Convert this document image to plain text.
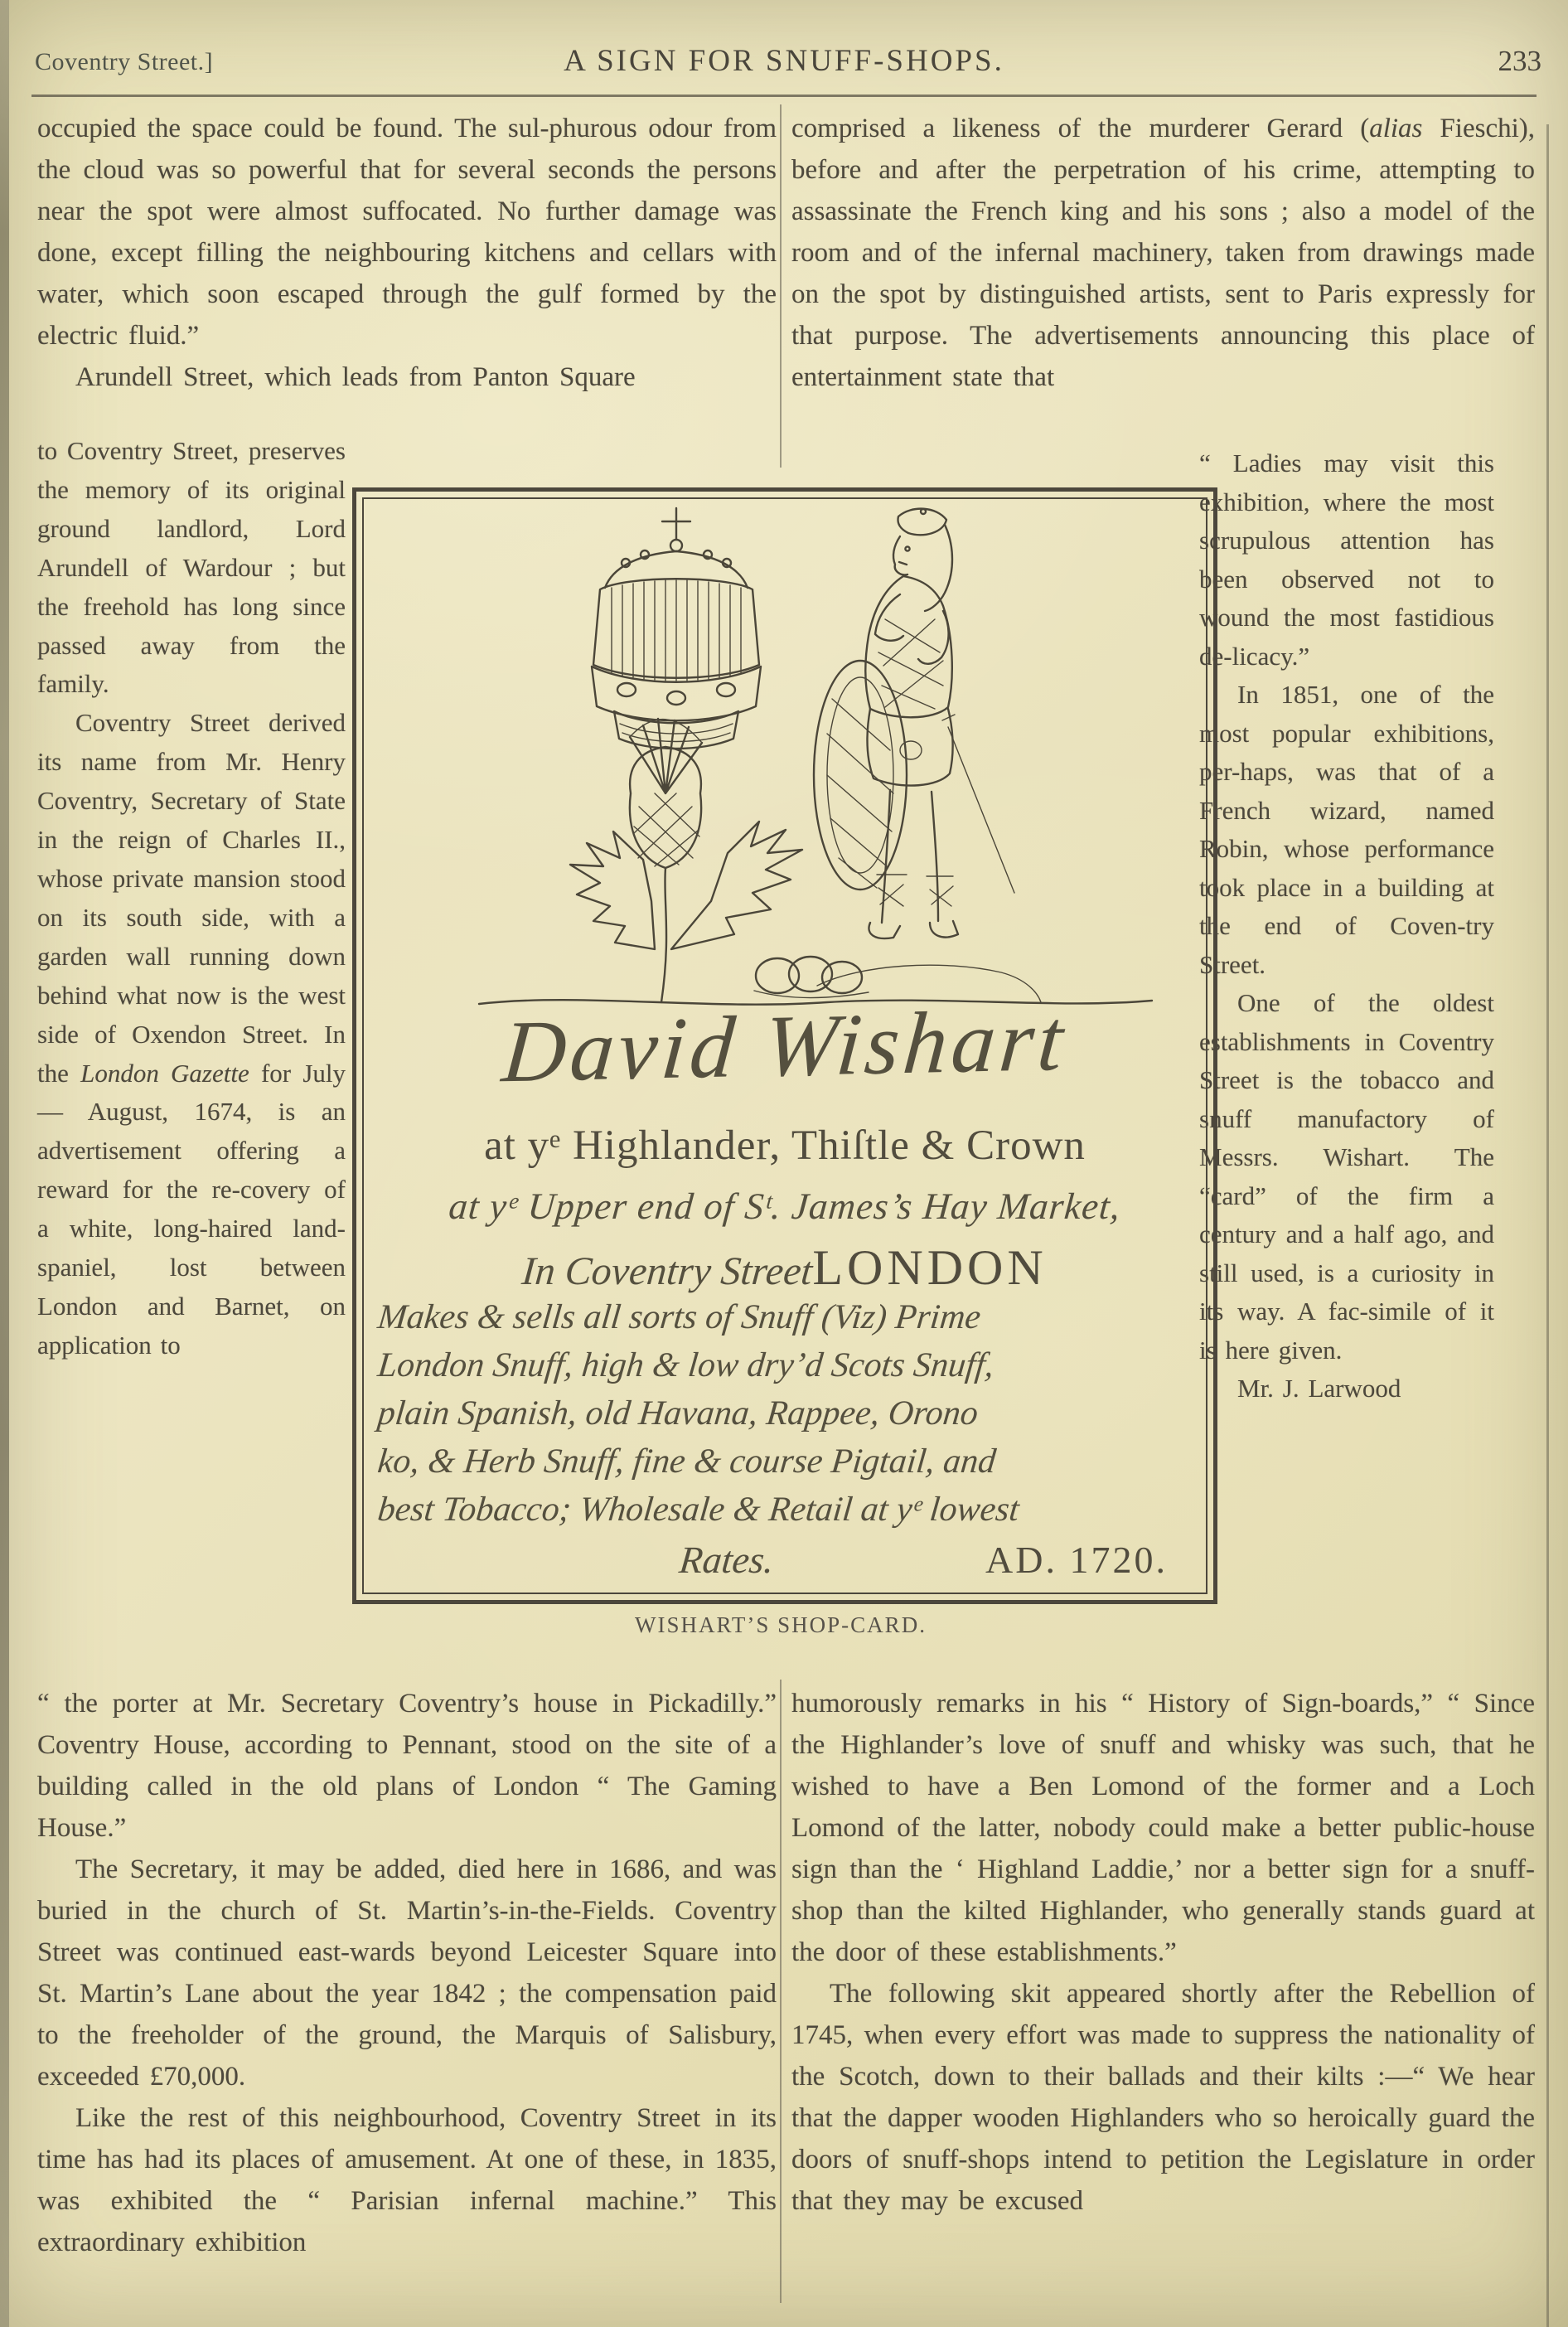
Coventry Street.]	A SIGN FOR SNUFF-SHOPS.	233

occupied the space could be found. The sul-phurous odour from the cloud was so powerful that for several seconds the persons near the spot were almost suffocated. No further damage was done, except filling the neighbouring kitchens and cellars with water, which soon escaped through the gulf formed by the electric fluid.”

Arundell Street, which leads from Panton Square

to Coventry Street, preserves the memory of its original ground landlord, Lord Arundell of Wardour ; but the freehold has long since passed away from the family.

Coventry Street derived its name from Mr. Henry Coventry, Secretary of State in the reign of Charles II., whose private mansion stood on its south side, with a garden wall running down behind what now is the west side of Oxendon Street. In the London Gazette for July — August, 1674, is an advertisement offering a reward for the re-covery of a white, long-haired land-spaniel, lost between London and Barnet, on application to

“ the porter at Mr. Secretary Coventry’s house in Pickadilly.” Coventry House, according to Pennant, stood on the site of a building called in the old plans of London “ The Gaming House.”

The Secretary, it may be added, died here in 1686, and was buried in the church of St. Martin’s-in-the-Fields. Coventry Street was continued east-wards beyond Leicester Square into St. Martin’s Lane about the year 1842 ; the compensation paid to the freeholder of the ground, the Marquis of Salisbury, exceeded £70,000.

Like the rest of this neighbourhood, Coventry Street in its time has had its places of amusement. At one of these, in 1835, was exhibited the “ Parisian infernal machine.” This extraordinary exhibition

comprised a likeness of the murderer Gerard (alias Fieschi), before and after the perpetration of his crime, attempting to assassinate the French king and his sons ; also a model of the room and of the infernal machinery, taken from drawings made on the spot by distinguished artists, sent to Paris expressly for that purpose. The advertisements announcing this place of entertainment state that

“ Ladies may visit this exhibition, where the most scrupulous attention has been observed not to wound the most fastidious de-licacy.”

In 1851, one of the most popular exhibitions, per-haps, was that of a French wizard, named Robin, whose performance took place in a building at the end of Coven-try Street.

One of the oldest establishments in Coventry Street is the tobacco and snuff manufactory of Messrs. Wishart. The “card” of the firm a century and a half ago, and still used, is a curiosity in its way. A fac-simile of it is here given.

Mr. J. Larwood

humorously remarks in his “ History of Sign-boards,” “ Since the Highlander’s love of snuff and whisky was such, that he wished to have a Ben Lomond of the former and a Loch Lomond of the latter, nobody could make a better public-house sign than the ‘ Highland Laddie,’ nor a better sign for a snuff-shop than the kilted Highlander, who generally stands guard at the door of these establishments.”

The following skit appeared shortly after the Rebellion of 1745, when every effort was made to suppress the nationality of the Scotch, down to their ballads and their kilts :—“ We hear that the dapper wooden Highlanders who so heroically guard the doors of snuff-shops intend to petition the Legislature in order that they may be excused

David Wishart
at yᵉ Highlander, Thiſtle & Crown
at yᵉ Upper end of Sᵗ. James’s Hay Market,
In Coventry StreetLONDON
Makes & sells all sorts of Snuff (Viz) Prime
London Snuff, high & low dry’d Scots Snuff,
plain Spanish, old Havana, Rappee, Orono
ko, & Herb Snuff, fine & course Pigtail, and
best Tobacco; Wholesale & Retail at yᵉ lowest
Rates.	AD. 1720.
WISHART’S SHOP-CARD.
